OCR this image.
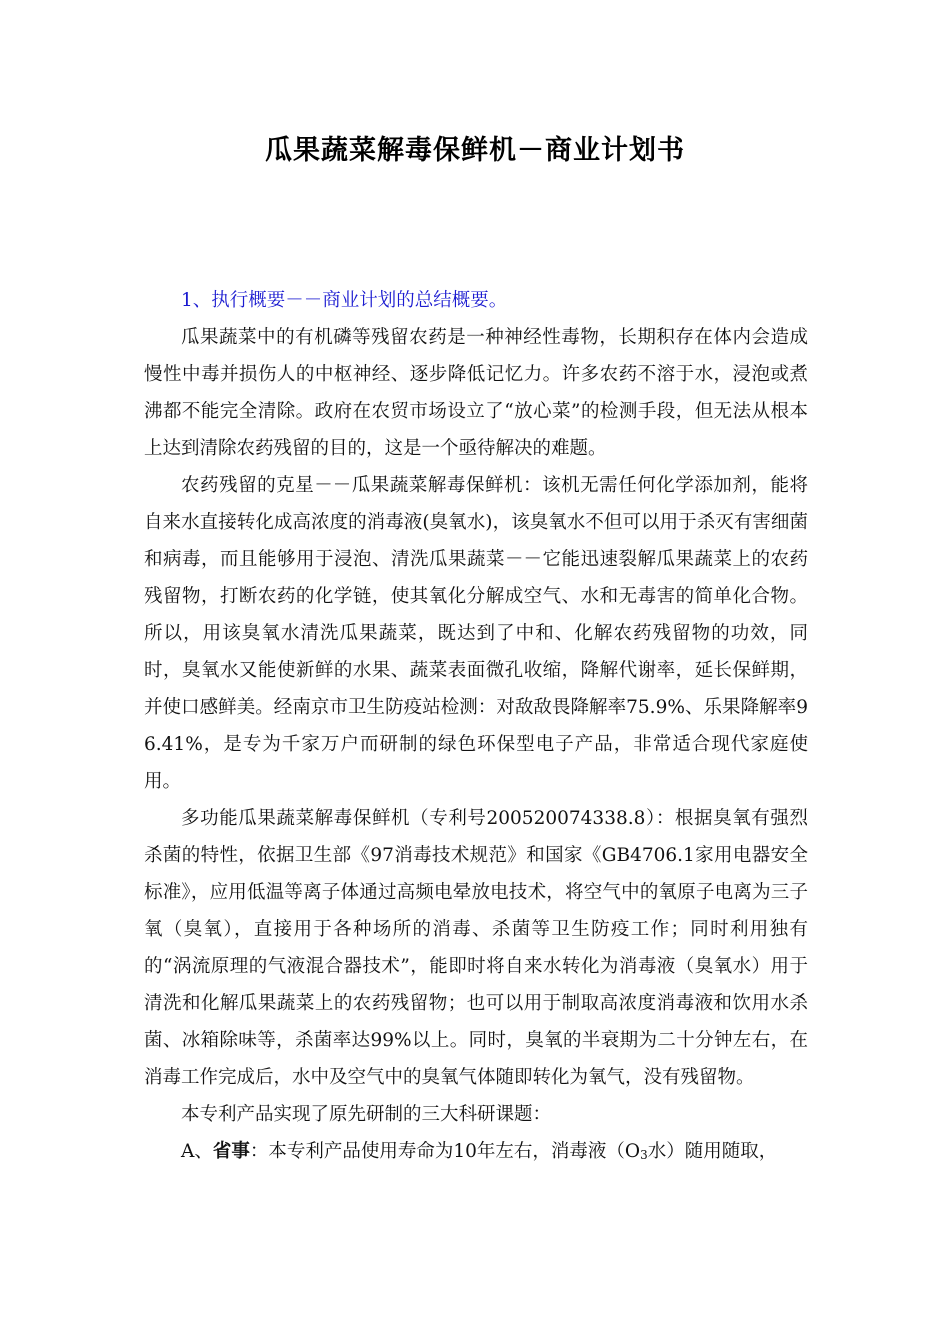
瓜果蔬菜解毒保鲜机－商业计划书

1、执行概要－－商业计划的总结概要。

瓜果蔬菜中的有机磷等残留农药是一种神经性毒物，长期积存在体内会造成慢性中毒并损伤人的中枢神经、逐步降低记忆力。许多农药不溶于水，浸泡或煮沸都不能完全清除。政府在农贸市场设立了“放心菜”的检测手段，但无法从根本上达到清除农药残留的目的，这是一个亟待解决的难题。

农药残留的克星－－瓜果蔬菜解毒保鲜机：该机无需任何化学添加剂，能将自来水直接转化成高浓度的消毒液(臭氧水)，该臭氧水不但可以用于杀灭有害细菌和病毒，而且能够用于浸泡、清洗瓜果蔬菜－－它能迅速裂解瓜果蔬菜上的农药残留物，打断农药的化学链，使其氧化分解成空气、水和无毒害的简单化合物。所以，用该臭氧水清洗瓜果蔬菜，既达到了中和、化解农药残留物的功效，同时，臭氧水又能使新鲜的水果、蔬菜表面微孔收缩，降解代谢率，延长保鲜期，并使口感鲜美。经南京市卫生防疫站检测：对敌敌畏降解率75.9%、乐果降解率96.41%，是专为千家万户而研制的绿色环保型电子产品，非常适合现代家庭使用。

多功能瓜果蔬菜解毒保鲜机（专利号200520074338.8）：根据臭氧有强烈杀菌的特性，依据卫生部《97消毒技术规范》和国家《GB4706.1家用电器安全标准》，应用低温等离子体通过高频电晕放电技术，将空气中的氧原子电离为三子氧（臭氧），直接用于各种场所的消毒、杀菌等卫生防疫工作；同时利用独有的“涡流原理的气液混合器技术”，能即时将自来水转化为消毒液（臭氧水）用于清洗和化解瓜果蔬菜上的农药残留物；也可以用于制取高浓度消毒液和饮用水杀菌、冰箱除味等，杀菌率达99%以上。同时，臭氧的半衰期为二十分钟左右，在消毒工作完成后，水中及空气中的臭氧气体随即转化为氧气，没有残留物。

本专利产品实现了原先研制的三大科研课题：

A、省事：本专利产品使用寿命为10年左右，消毒液（O3水）随用随取，
